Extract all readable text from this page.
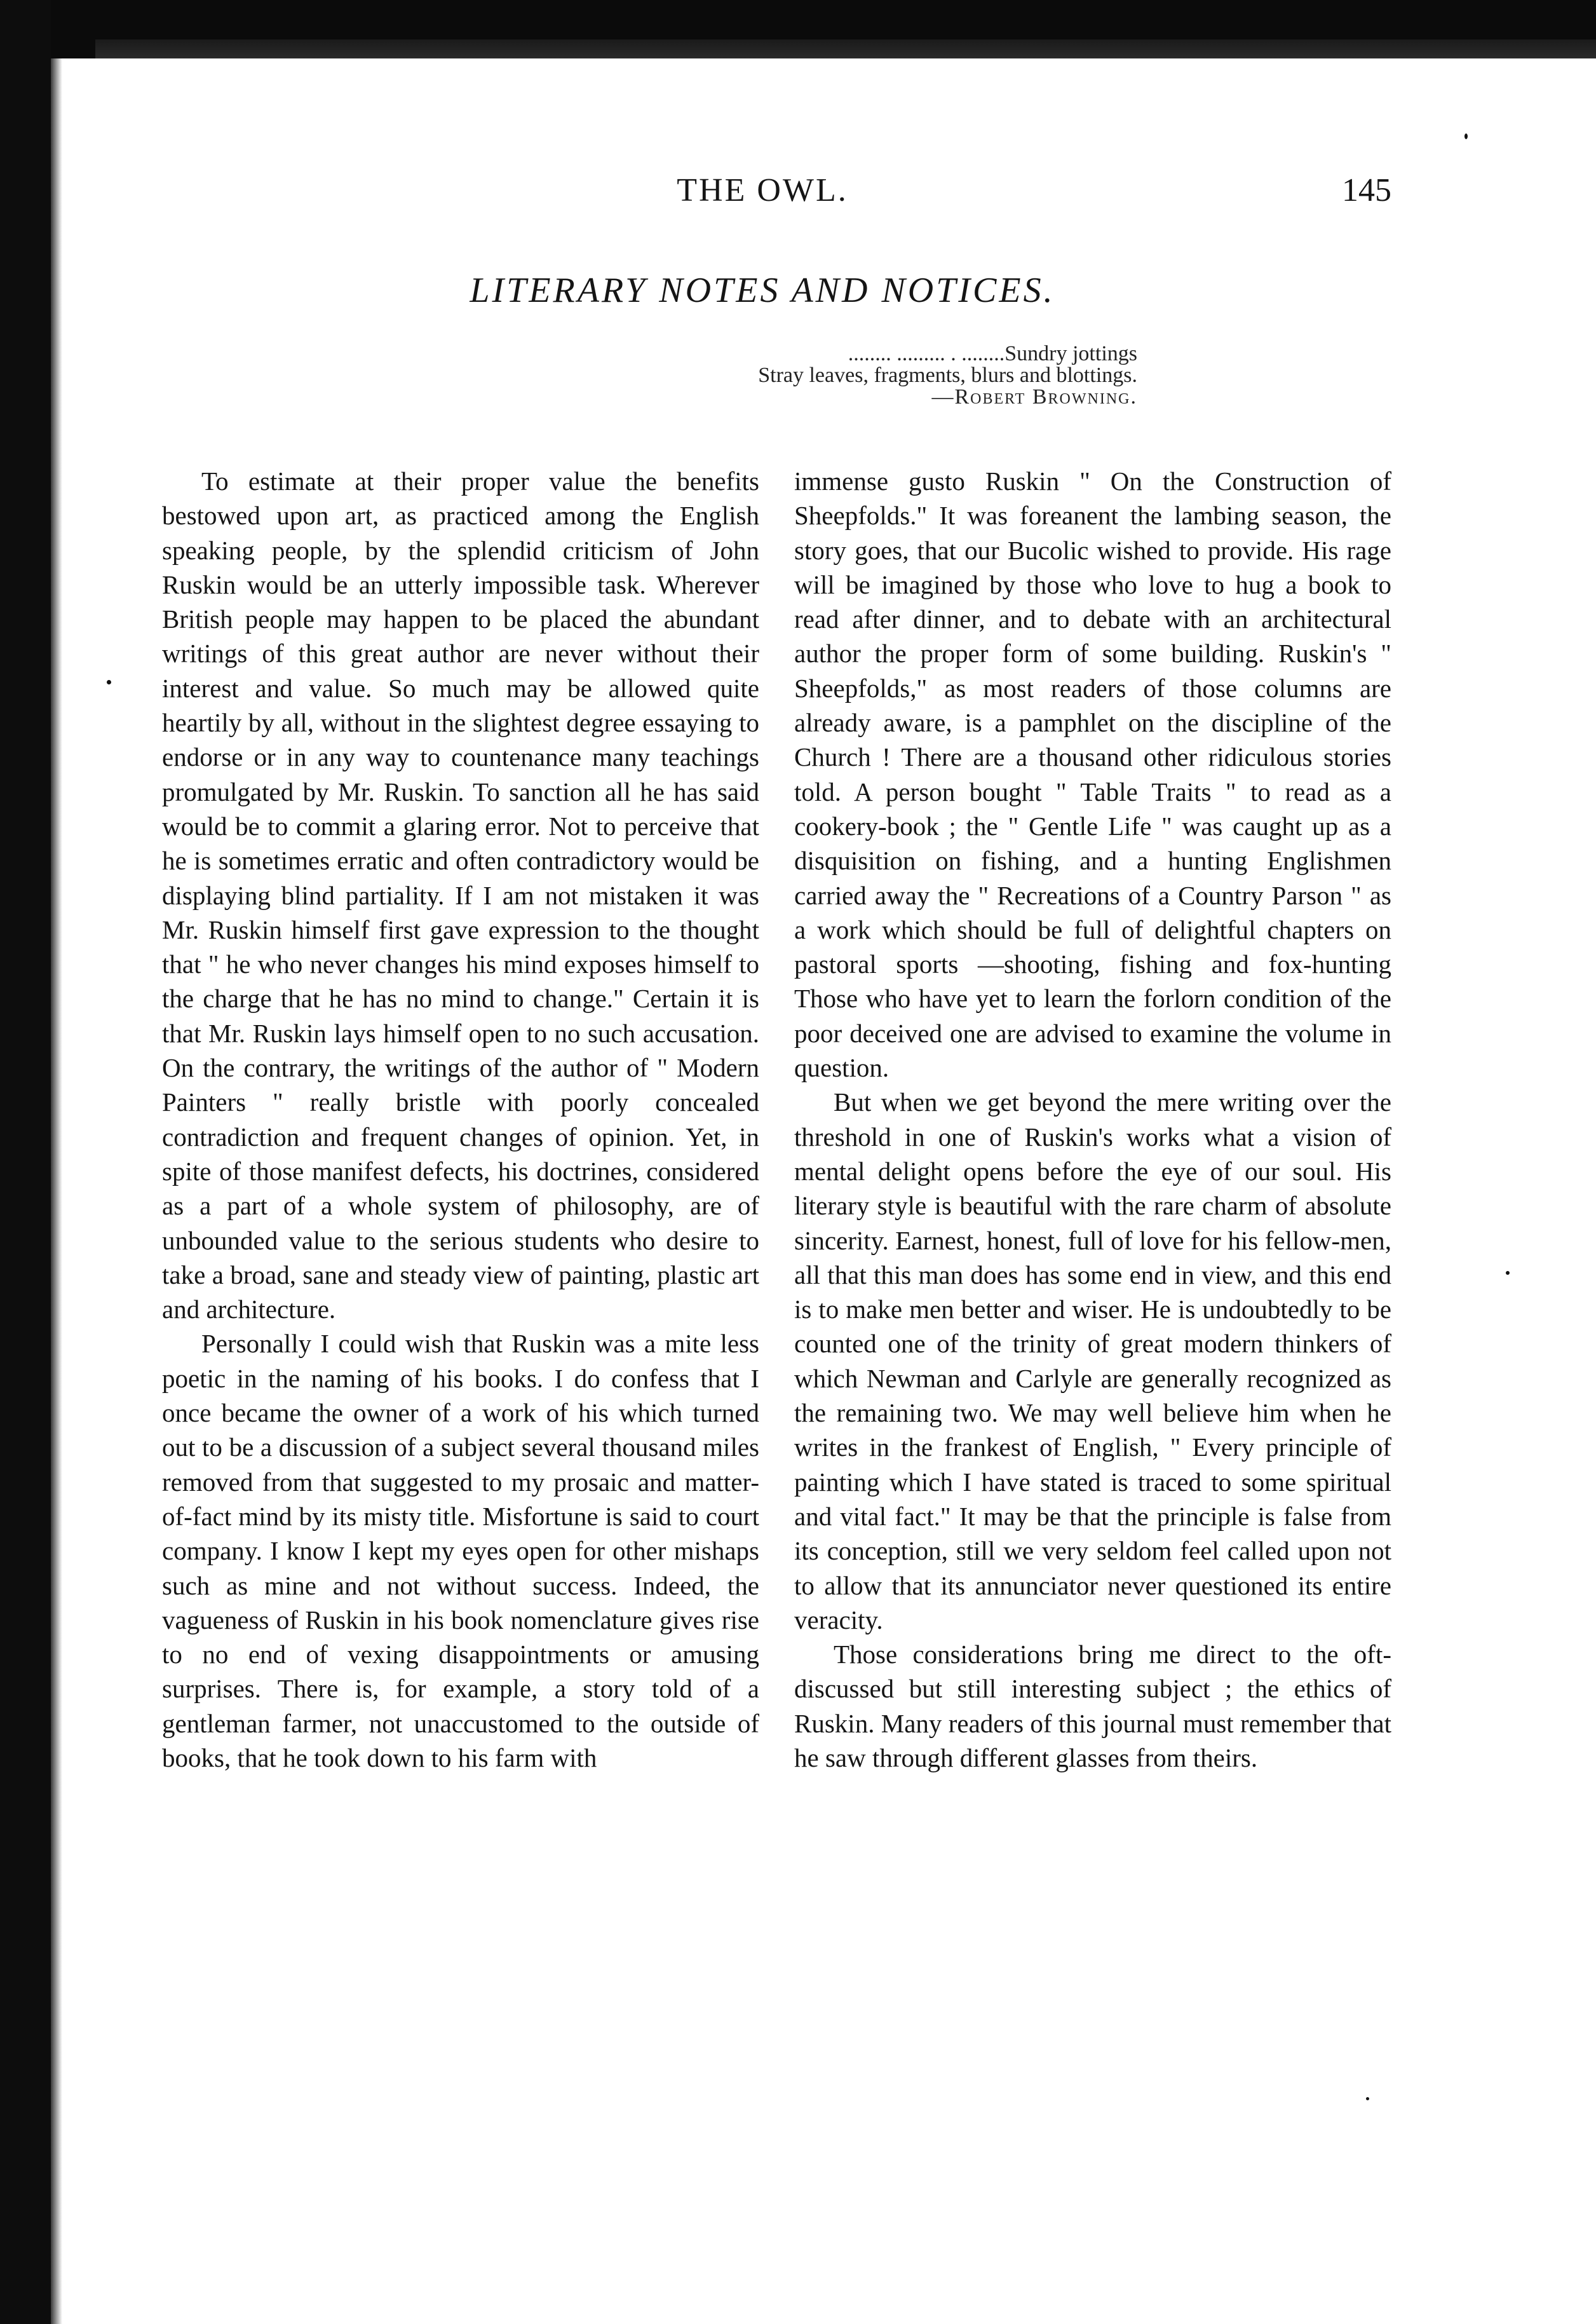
THE OWL.	145
LITERARY NOTES AND NOTICES.
........ ......... . ........Sundry jottings
Stray leaves, fragments, blurs and blottings.
—Robert Browning.

To estimate at their proper value the benefits bestowed upon art, as practiced among the English speaking people, by the splendid criticism of John Ruskin would be an utterly impossible task. Wherever British people may happen to be placed the abundant writings of this great author are never without their interest and value. So much may be allowed quite heartily by all, without in the slightest degree essaying to endorse or in any way to countenance many teachings promulgated by Mr. Ruskin. To sanction all he has said would be to commit a glaring error. Not to perceive that he is sometimes erratic and often contradictory would be displaying blind partiality. If I am not mistaken it was Mr. Ruskin himself first gave expression to the thought that " he who never changes his mind exposes himself to the charge that he has no mind to change." Certain it is that Mr. Ruskin lays himself open to no such accusation. On the contrary, the writings of the author of " Modern Painters " really bristle with poorly concealed contradiction and frequent changes of opinion. Yet, in spite of those manifest defects, his doctrines, considered as a part of a whole system of philosophy, are of unbounded value to the serious students who desire to take a broad, sane and steady view of painting, plastic art and architecture.

Personally I could wish that Ruskin was a mite less poetic in the naming of his books. I do confess that I once became the owner of a work of his which turned out to be a discussion of a subject several thousand miles removed from that suggested to my prosaic and matter-of-fact mind by its misty title. Misfortune is said to court company. I know I kept my eyes open for other mishaps such as mine and not without success. Indeed, the vagueness of Ruskin in his book nomenclature gives rise to no end of vexing disappointments or amusing surprises. There is, for example, a story told of a gentleman farmer, not unaccustomed to the outside of books, that he took down to his farm with

immense gusto Ruskin " On the Construction of Sheepfolds." It was foreanent the lambing season, the story goes, that our Bucolic wished to provide. His rage will be imagined by those who love to hug a book to read after dinner, and to debate with an architectural author the proper form of some building. Ruskin's " Sheepfolds," as most readers of those columns are already aware, is a pamphlet on the discipline of the Church ! There are a thousand other ridiculous stories told. A person bought " Table Traits " to read as a cookery-book ; the " Gentle Life " was caught up as a disquisition on fishing, and a hunting Englishmen carried away the " Recreations of a Country Parson " as a work which should be full of delightful chapters on pastoral sports —shooting, fishing and fox-hunting Those who have yet to learn the forlorn condition of the poor deceived one are advised to examine the volume in question.

But when we get beyond the mere writing over the threshold in one of Ruskin's works what a vision of mental delight opens before the eye of our soul. His literary style is beautiful with the rare charm of absolute sincerity. Earnest, honest, full of love for his fellow-men, all that this man does has some end in view, and this end is to make men better and wiser. He is undoubtedly to be counted one of the trinity of great modern thinkers of which Newman and Carlyle are generally recognized as the remaining two. We may well believe him when he writes in the frankest of English, " Every principle of painting which I have stated is traced to some spiritual and vital fact." It may be that the principle is false from its conception, still we very seldom feel called upon not to allow that its annunciator never questioned its entire veracity.

Those considerations bring me direct to the oft-discussed but still interesting subject ; the ethics of Ruskin. Many readers of this journal must remember that he saw through different glasses from theirs.
